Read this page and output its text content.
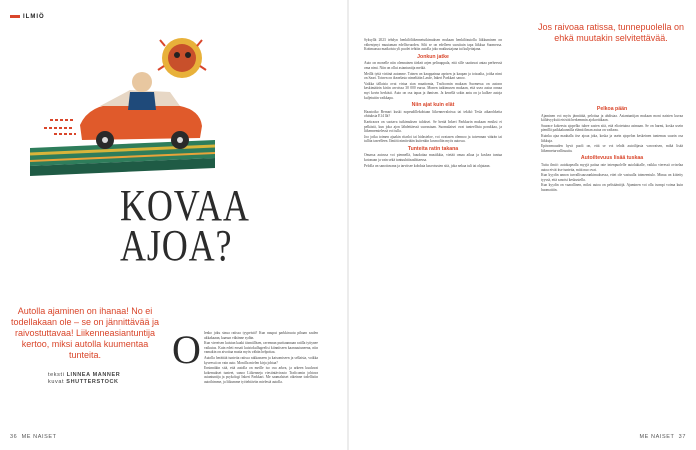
ILMIÖ
KOVAA
AJOA?
Autolla ajaminen on ihanaa! No ei todellakaan ole – se on jännittävää ja raivostuttavaa! Liikenneasiantuntija kertoo, miksi autolla kuumentaa tunteita.
teksti LINNEA MANNER
kuvat SHUTTERSTOCK
O lenko joku sinua ratissa tyypeistä? Kun nauput parkkiruutu pihaan saulen ukkakaaan, kaasun vähänne sydän.

Kun viereisen kaistan kaaki täsmällisen, ravennan puritaannaan ratilla tyttynee vaikutus. Kuin edeti ensati kuistokullugeelisi kiinnitseen kaarauutuneena, niin vamakin on aivottaa mutta myös vähän helpottaa.

Autolla herättää tunteita ratissa rakkaaseen ja katsomiseen ja sellaisia, voikka kyseessä on vain auto. Monilla mielen kirja johtaa?

Ensinnäkin sitä, että autolla on meille iso osa arkea, ja arkeen kuuluvat kokemukset tunteet, sanoo Liikenneja viestintävirasto Traficomin johtava asiantuntija ja psykologi Inkeri Parkkari. Me saamalaiset oikeinne todellisiin autoihimme, ja liikumme työtehtäviin mielestä autolla.

Syksyllä 2023 tehdyn henkilöliikennetutkimuksen mukaan henkilöautolla liikkuminen on vähentynyt muutaman edellisvuoden. Silti se on edelleen suosituin tapa liikkua Suomessa. Kotimaassa matkoista yli puolet tehtiin autolla joko matkustajana tai kuljettajana.

Jonkun jatke

Auto on monelle niin olennainen tärkeä arjen pelinappula, että sille saattavat antaa perheessä oma nimi. Niin on ollut asiantuntija meikä.

Meillä tyttä virtänä autonme. Toinen on kauppainaa aprisen ja kaupan ja toisaalta, joitka nimi on Saari. Toinen on ikeaelasto nimeltään Lasde, Inkeri Parkkari sanoo.

Vaikka tällaisia ovat virtaa sian maattomia, Traficomin mukaan Suomessa on autoon keskimäärin kiriin arvoissa 30 000 euroa. Monen tutkimusen mukaan, että usea autoa onnaa myt kovin herkästi. Auto on osa tapaa ja ihmisen. Ja kenellä sokin antu on ja kulkee autoja kuljetuttin vaikkapa.

Niin ajat kuin elät

Haastoiko Bernari kuski nopeudillekohtaan liikennevaloissa tai tekikö Tesla aikarohkeita ohituksia E14 llä?

Kartiraava on suotava tutkimuksen tulokset. Se herää Inkeri Parkkarin mukaan ensiksi ei pelkästä, kun joka ajon lähdettäessä suorastaan. Suomalaiset ovat tunteellista porukkaa, ja liikennemielessä voi tulla.

Joo jotka toimen ajaakin ritarloi tai hidasteloe, voi ovatasen olennoo ja tutvennan väärän tai tullita taseelleen. Ilmiöä nimitetään kuitenkin kosmoliin myös autossa.

Tunteita ratin takana

Omassa autossa voi piennellä, huudattaa musiikkia, vietää omaa aikaa ja koskea tuntua kotonaan ja vain sekä tuntuuhtiisaalittaessa.

Pelolla on sanottavana ja tarvitsee kohdata kasvotusten sitä, joka nekaa tuli tai ohjataan.

Jos raivoaa ratissa, tunnepuolella on ehkä muutakin selvitettävää.
Pelkoa pään

Ajaminen voi myös jännittää, pelottaa ja ahdistaa. Asiantuntijan mukaan moni naisten kuvaa kiiltävyyksiä etsivää herkemmin ajokorttikaan.

Suurace kokeesta ajopelko tuhee sasten sitä, että eliotetuina asimaan. Se on harmi, koska usein pienillä paikkakunnilla elämä ilman autoa on vaikeaa.

Kuinka ajaa maahalla itse ajoaa joka, koska ja usein ajopelon keskeinen tuntemus suurin osa liikkuja.

Epävarmuuden hyvä puoli on, että se voi tehdä autoilijasta varovaisen, mikä lisää liikenneturvallisuutta.

Autoiltevuus lisää tuskaa

Tuttu ilmiö: autokapealla myyjä paitaa rate intenpuolelle autolakialle, vaikka vieressä oviselaa autoa eivät itse tunteita, mitä nuo ovat.

Kun kyydin annon turvallisuusrankimuksessa, ettei ole vastuulla toimeentulo. Minua on kiitetty tyyssä, että sanoisi keskustella.

Kun kyydin on vaarallinen, miksi autoa on pelisääntöjä. Ajaminen voi olla isompi voima kuin huomattiin.

36 ME NAISET	ME NAISET 37
